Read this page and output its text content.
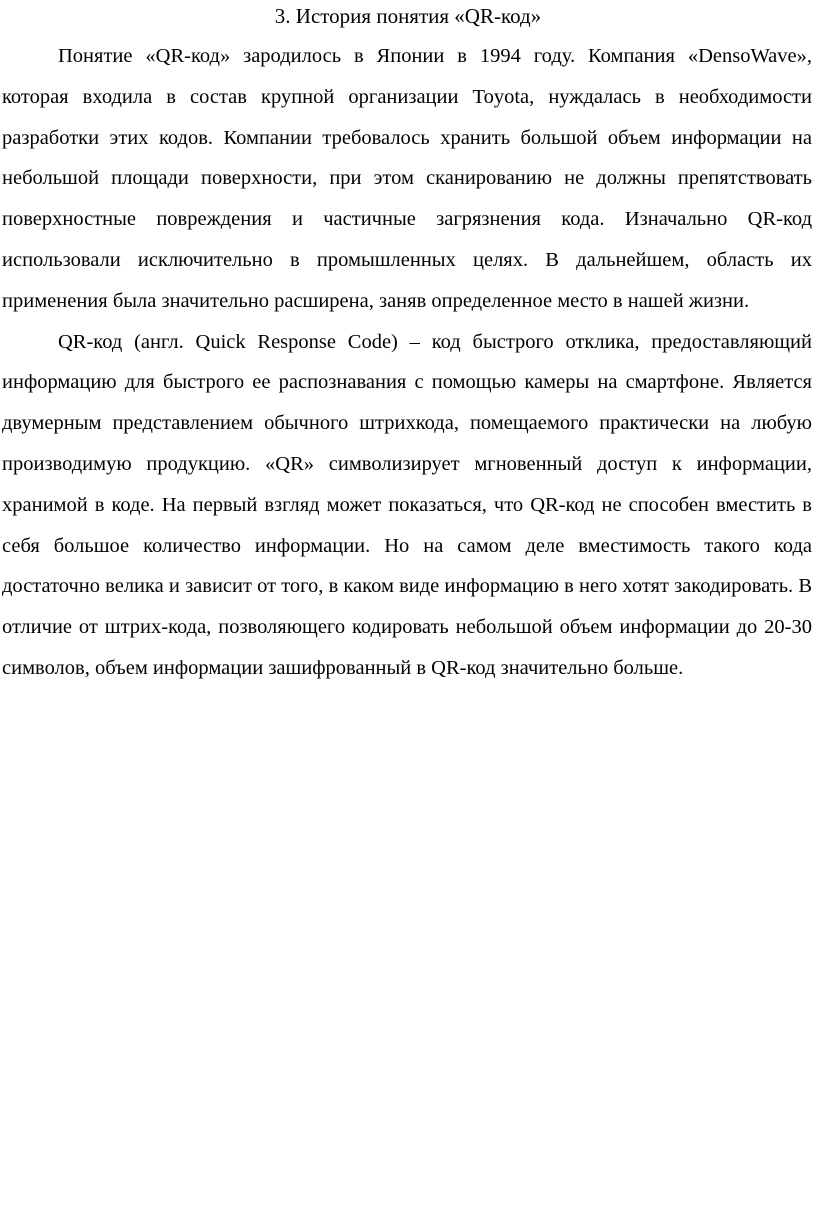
3. История понятия «QR-код»

Понятие «QR-код» зародилось в Японии в 1994 году. Компания «DensoWave», которая входила в состав крупной организации Toyota, нуждалась в необходимости разработки этих кодов. Компании требовалось хранить большой объем информации на небольшой площади поверхности, при этом сканированию не должны препятствовать поверхностные повреждения и частичные загрязнения кода. Изначально QR-код использовали исключительно в промышленных целях. В дальнейшем, область их применения была значительно расширена, заняв определенное место в нашей жизни.

QR-код (англ. Quick Response Code) – код быстрого отклика, предоставляющий информацию для быстрого ее распознавания с помощью камеры на смартфоне. Является двумерным представлением обычного штрихкода, помещаемого практически на любую производимую продукцию. «QR» символизирует мгновенный доступ к информации, хранимой в коде. На первый взгляд может показаться, что QR-код не способен вместить в себя большое количество информации. Но на самом деле вместимость такого кода достаточно велика и зависит от того, в каком виде информацию в него хотят закодировать. В отличие от штрих-кода, позволяющего кодировать небольшой объем информации до 20-30 символов, объем информации зашифрованный в QR-код значительно больше.
